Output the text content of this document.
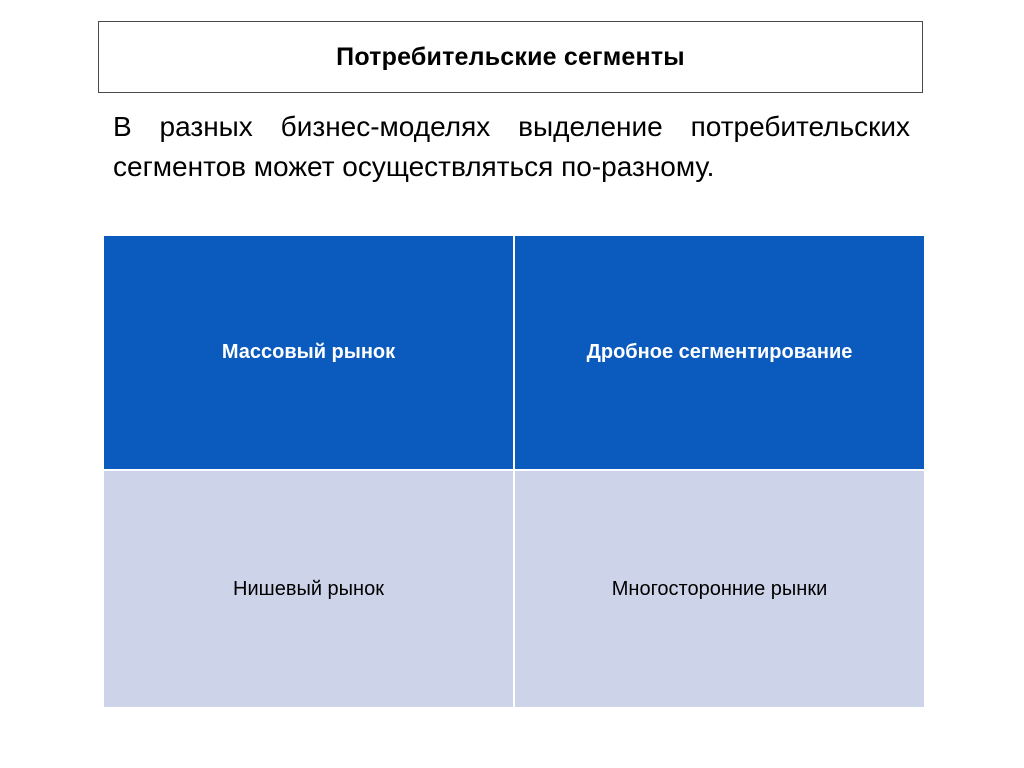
Потребительские сегменты
В разных бизнес-моделях выделение потребительских сегментов может осуществляться по-разному.
Массовый рынок	Дробное сегментирование
Нишевый рынок	Многосторонние рынки
